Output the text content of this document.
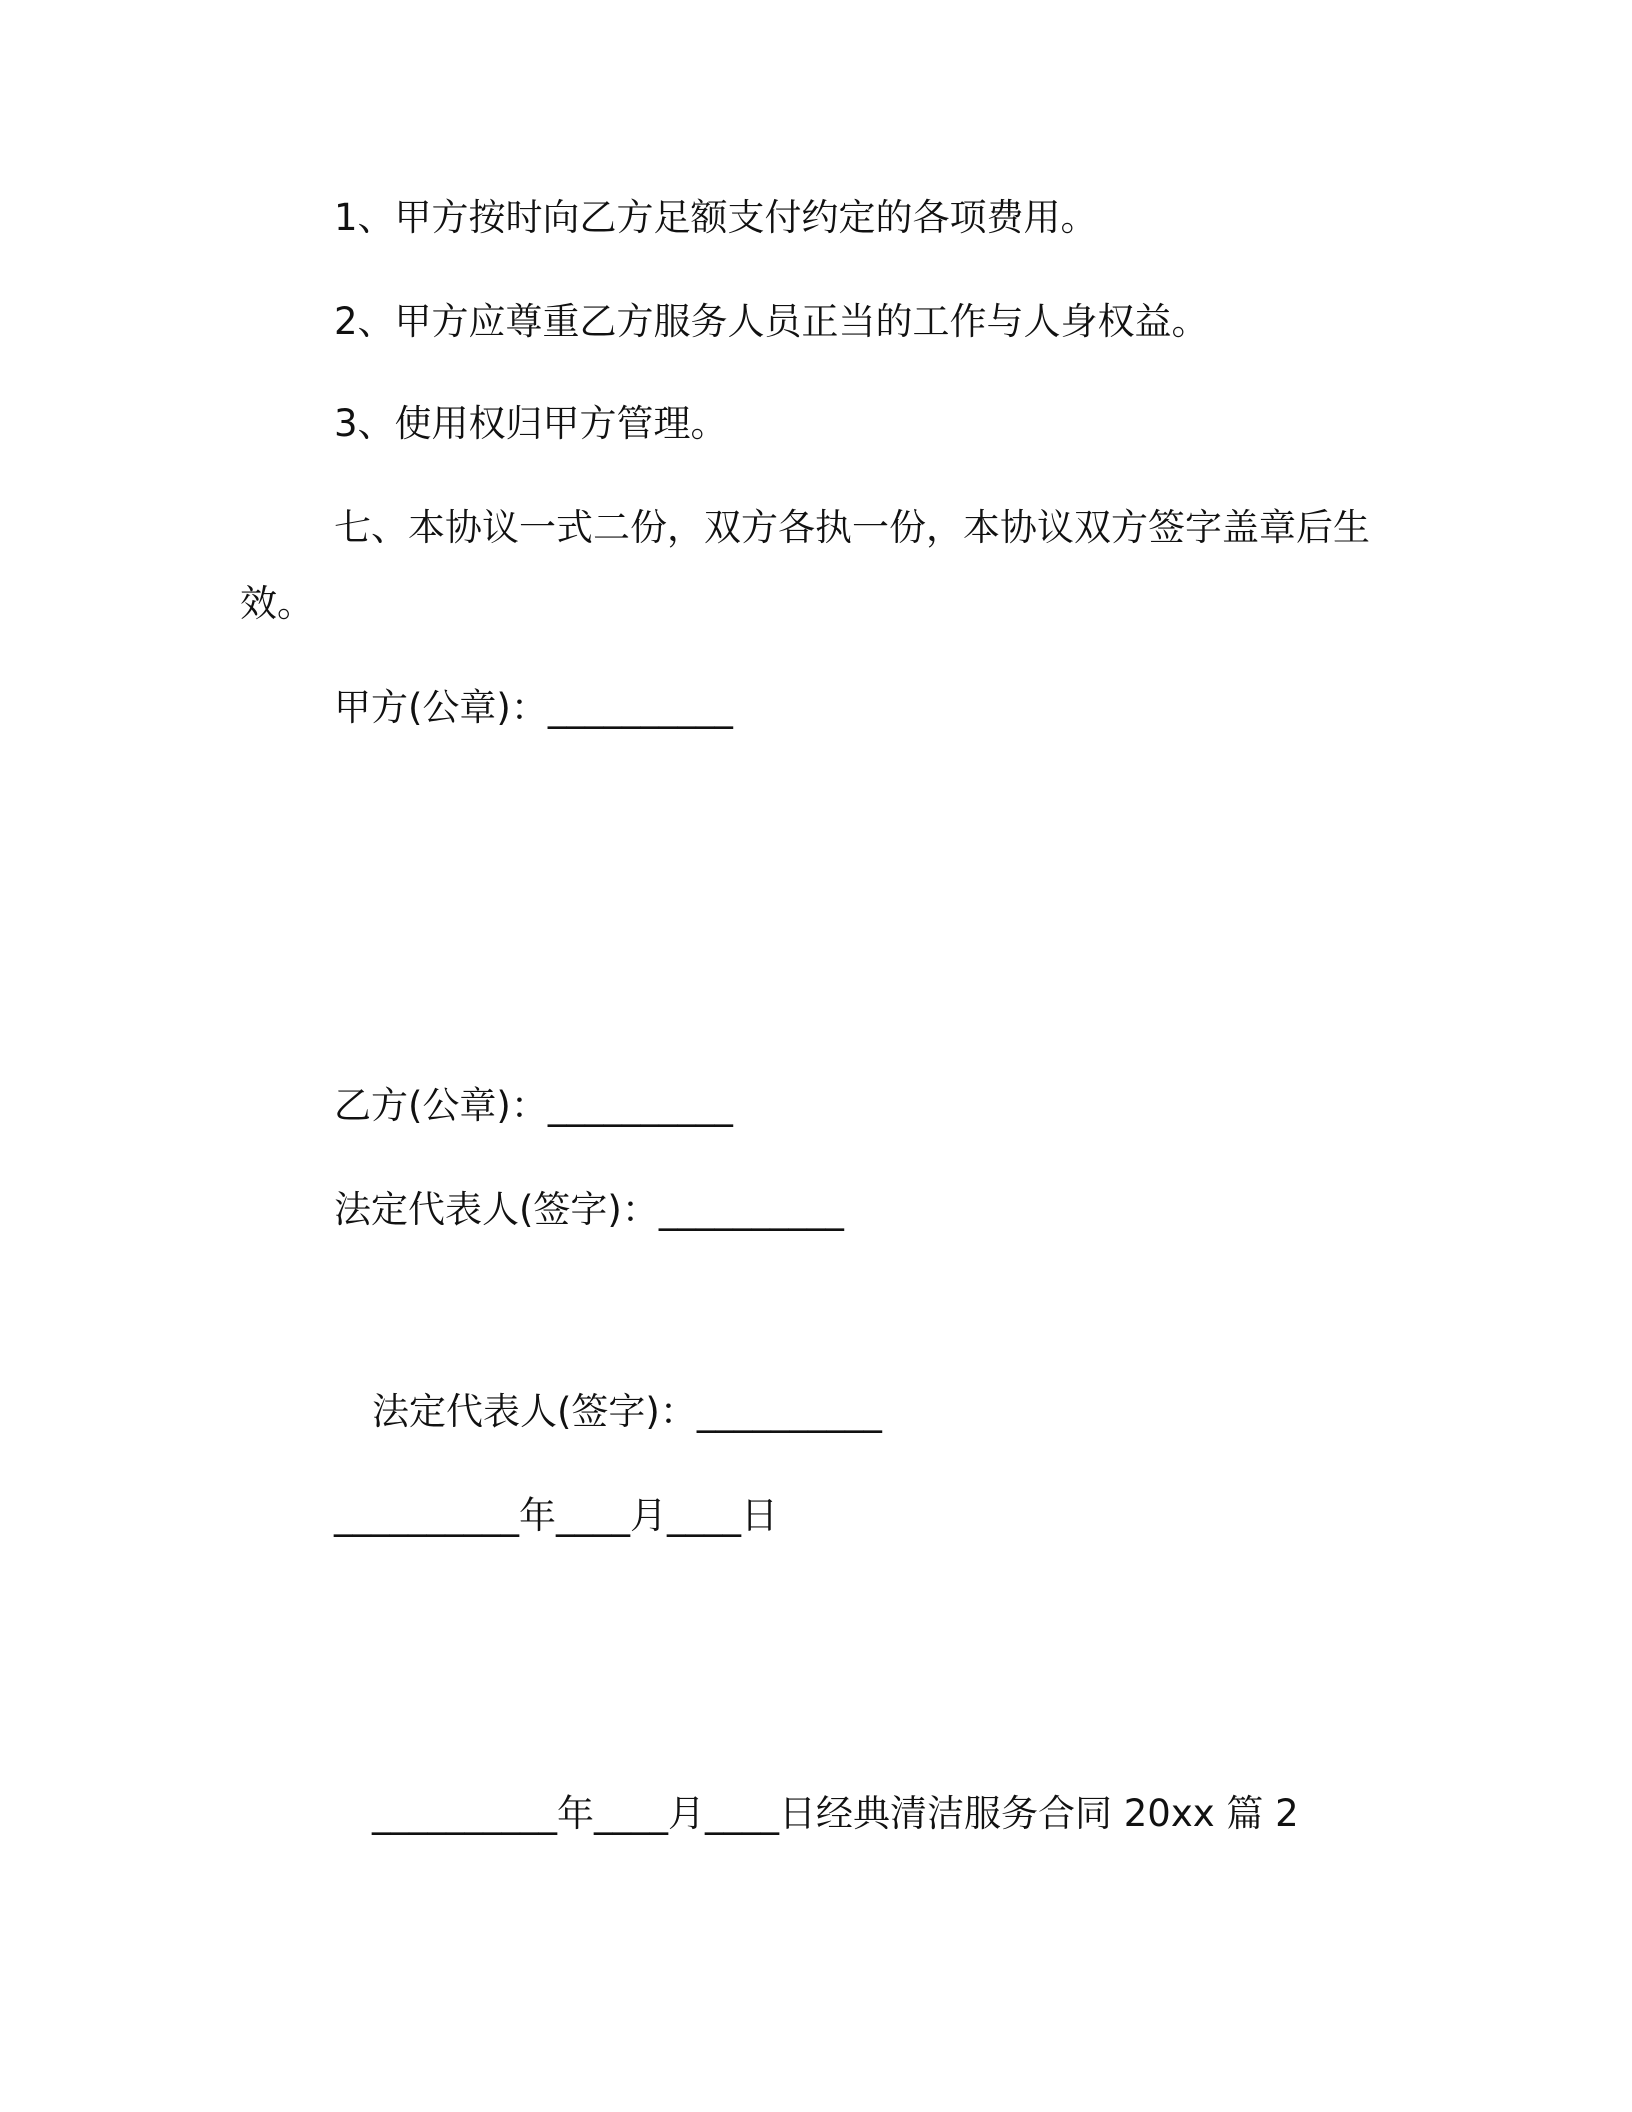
1、甲方按时向乙方足额支付约定的各项费用。

2、甲方应尊重乙方服务人员正当的工作与人身权益。

3、使用权归甲方管理。

七、本协议一式二份，双方各执一份，本协议双方签字盖章后生

效。

甲方(公章)：__________

乙方(公章)：__________

法定代表人(签字)：__________

法定代表人(签字)：__________

__________年____月____日

__________年____月____日经典清洁服务合同 20xx 篇 2
